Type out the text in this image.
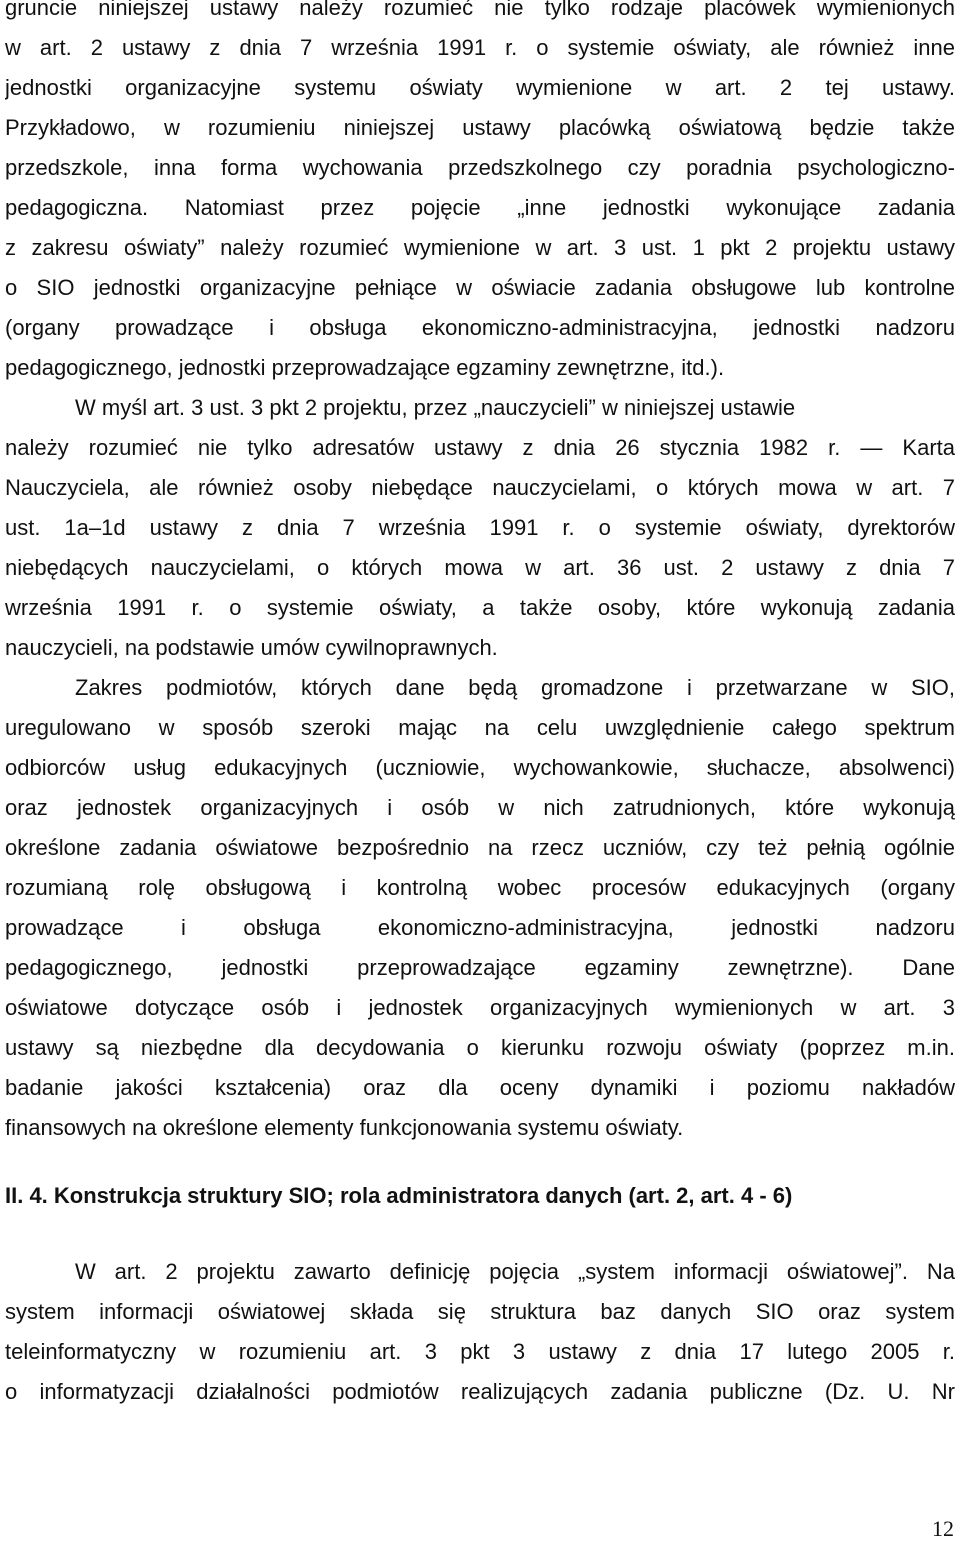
gruncie niniejszej ustawy należy rozumieć nie tylko rodzaje placówek wymienionych
w art. 2 ustawy z dnia 7 września 1991 r. o systemie oświaty, ale również inne
jednostki organizacyjne systemu oświaty wymienione w art. 2 tej ustawy.
Przykładowo, w rozumieniu niniejszej ustawy placówką oświatową będzie także
przedszkole, inna forma wychowania przedszkolnego czy poradnia psychologiczno-
pedagogiczna. Natomiast przez pojęcie „inne jednostki wykonujące zadania
z zakresu oświaty” należy rozumieć wymienione w art. 3 ust. 1 pkt 2 projektu ustawy
o SIO jednostki organizacyjne pełniące w oświacie zadania obsługowe lub kontrolne
(organy prowadzące i obsługa ekonomiczno-administracyjna, jednostki nadzoru
pedagogicznego, jednostki przeprowadzające egzaminy zewnętrzne, itd.).
W myśl art. 3 ust. 3 pkt 2 projektu, przez „nauczycieli” w niniejszej ustawie
należy rozumieć nie tylko adresatów ustawy z dnia 26 stycznia 1982 r. — Karta
Nauczyciela, ale również osoby niebędące nauczycielami, o których mowa w art. 7
ust. 1a–1d ustawy z dnia 7 września 1991 r. o systemie oświaty, dyrektorów
niebędących nauczycielami, o których mowa w art. 36 ust. 2 ustawy z dnia 7
września 1991 r. o systemie oświaty, a także osoby, które wykonują zadania
nauczycieli, na podstawie umów cywilnoprawnych.
Zakres podmiotów, których dane będą gromadzone i przetwarzane w SIO,
uregulowano w sposób szeroki mając na celu uwzględnienie całego spektrum
odbiorców usług edukacyjnych (uczniowie, wychowankowie, słuchacze, absolwenci)
oraz jednostek organizacyjnych i osób w nich zatrudnionych, które wykonują
określone zadania oświatowe bezpośrednio na rzecz uczniów, czy też pełnią ogólnie
rozumianą rolę obsługową i kontrolną wobec procesów edukacyjnych (organy
prowadzące i obsługa ekonomiczno-administracyjna, jednostki nadzoru
pedagogicznego, jednostki przeprowadzające egzaminy zewnętrzne). Dane
oświatowe dotyczące osób i jednostek organizacyjnych wymienionych w art. 3
ustawy są niezbędne dla decydowania o kierunku rozwoju oświaty (poprzez m.in.
badanie jakości kształcenia) oraz dla oceny dynamiki i poziomu nakładów
finansowych na określone elementy funkcjonowania systemu oświaty.
II. 4. Konstrukcja struktury SIO; rola administratora danych (art. 2, art. 4 - 6)
W art. 2 projektu zawarto definicję pojęcia „system informacji oświatowej”. Na
system informacji oświatowej składa się struktura baz danych SIO oraz system
teleinformatyczny w rozumieniu art. 3 pkt 3 ustawy z dnia 17 lutego 2005 r.
o informatyzacji działalności podmiotów realizujących zadania publiczne (Dz. U. Nr
12
